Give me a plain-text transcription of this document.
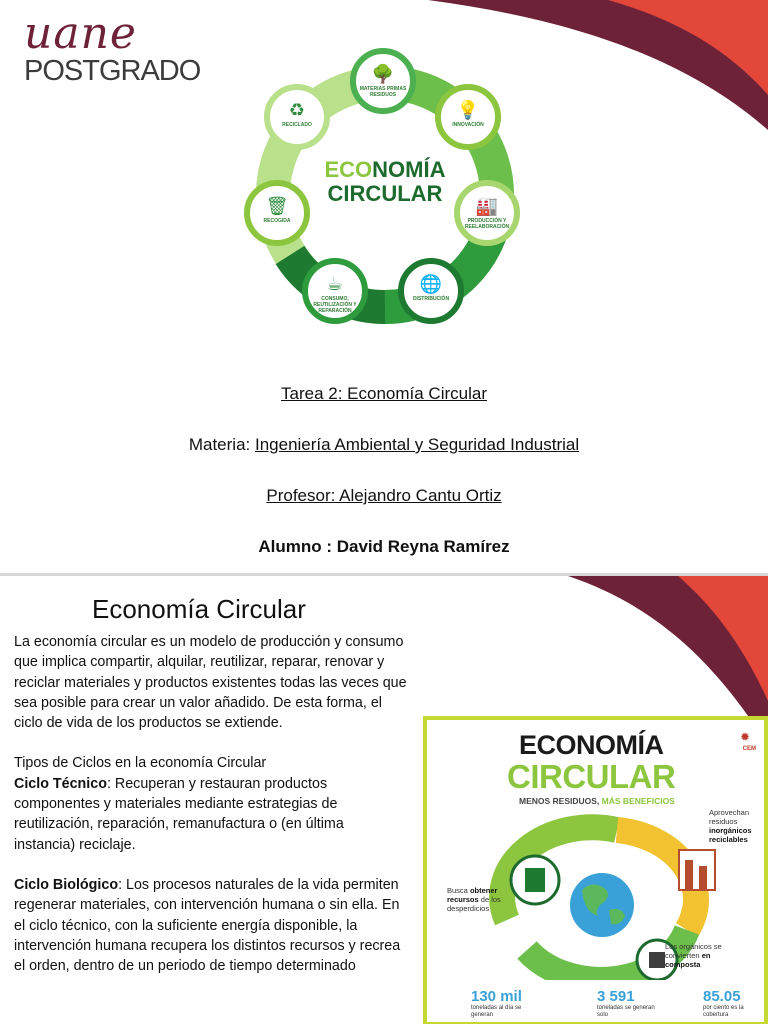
uane
POSTGRADO
ECONOMÍA
CIRCULAR
🌳
MATERIAS PRIMAS RESIDUOS
💡
INNOVACIÓN
🏭
PRODUCCIÓN Y REELABORACIÓN
🌐
DISTRIBUCIÓN
☕
CONSUMO, REUTILIZACIÓN Y REPARACIÓN
🗑
RECOGIDA
♻
RECICLADO
Tarea 2: Economía Circular
Materia: Ingeniería Ambiental y Seguridad Industrial
Profesor: Alejandro Cantu Ortiz
Alumno : David Reyna Ramírez
Economía Circular

La economía circular es un modelo de producción y consumo que implica compartir, alquilar, reutilizar, reparar, renovar y reciclar materiales y productos existentes todas las veces que sea posible para crear un valor añadido. De esta forma, el ciclo de vida de los productos se extiende.

Tipos de Ciclos en la economía Circular

Ciclo Técnico: Recuperan y restauran productos componentes y materiales mediante estrategias de reutilización, reparación, remanufactura o (en última instancia) reciclaje.

Ciclo Biológico: Los procesos naturales de la vida permiten regenerar materiales, con intervención humana o sin ella. En el ciclo técnico, con la suficiente energía disponible, la intervención humana recupera los distintos recursos y recrea el orden, dentro de un periodo de tiempo determinado

✹
CEM
ECONOMÍA
CIRCULAR
MENOS RESIDUOS, MÁS BENEFICIOS
Aprovechan residuos inorgánicos reciclables
Busca obtener recursos de los desperdicios
Los orgánicos se convierten en composta
130 mil
toneladas al día se generan
3 591
toneladas se generan solo
85.05
por ciento es la cobertura
